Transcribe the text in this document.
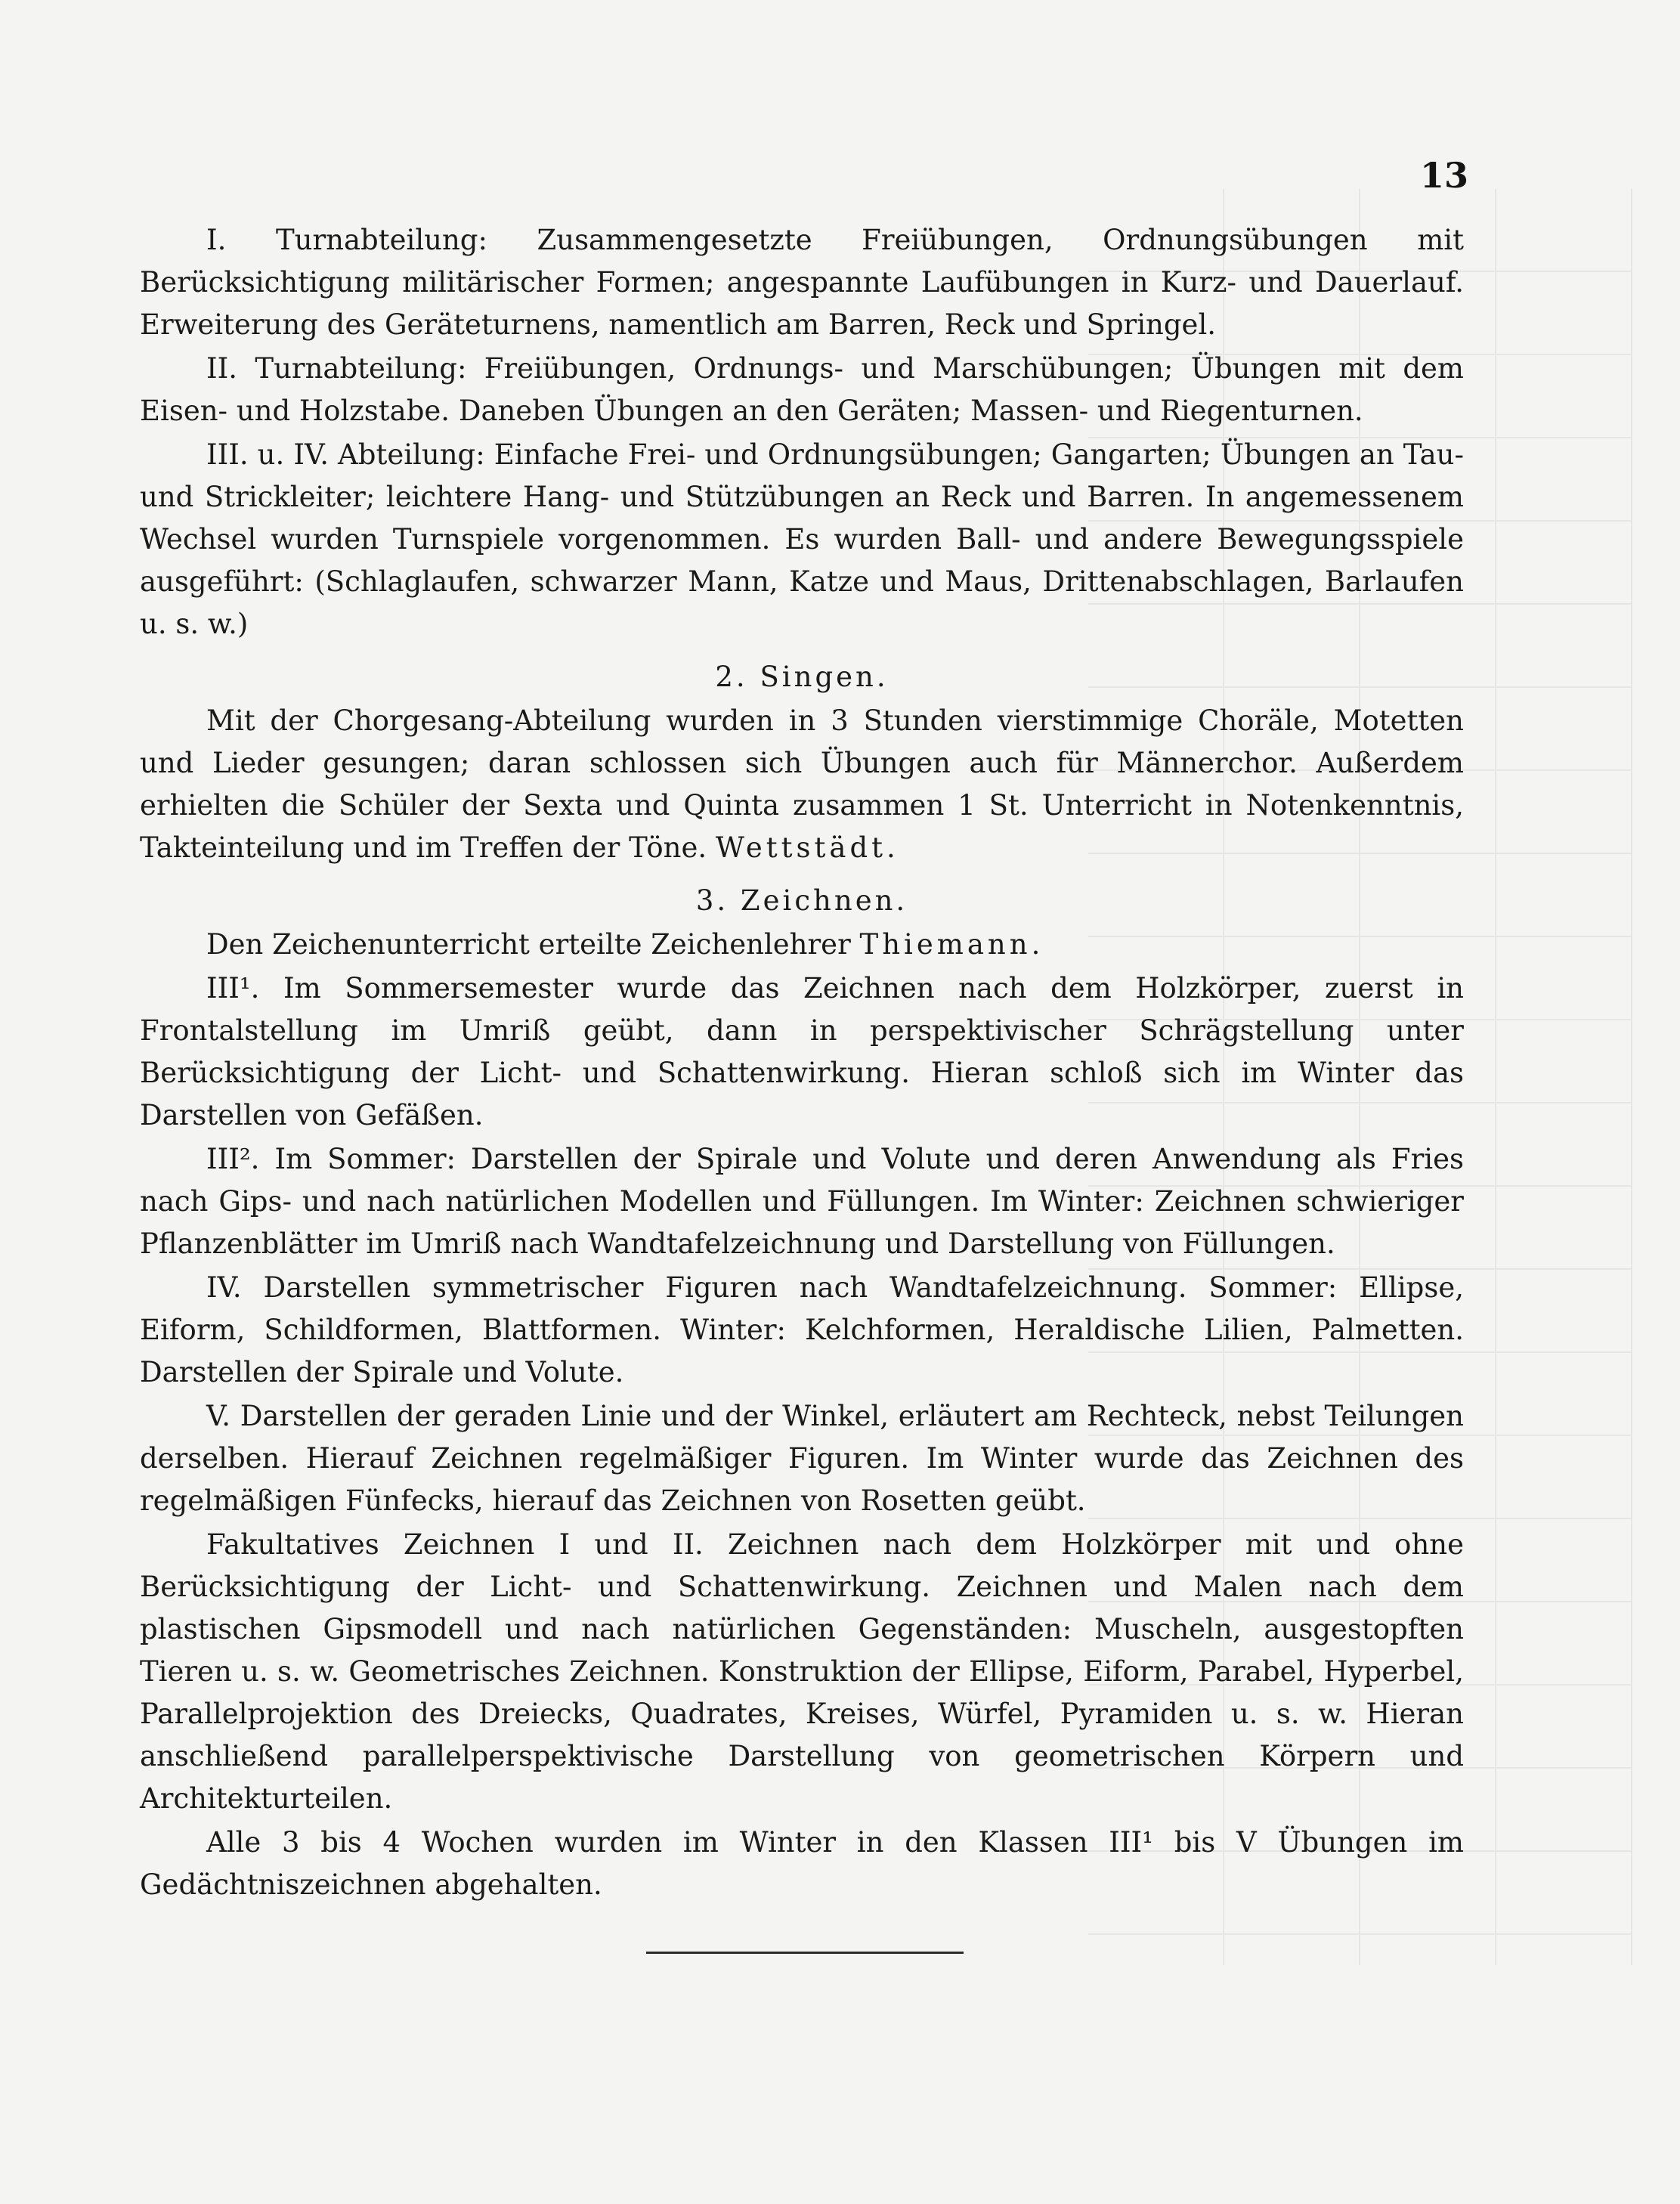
13

I. Turnabteilung: Zusammengesetzte Freiübungen, Ordnungsübungen mit Berücksichtigung militärischer Formen; angespannte Laufübungen in Kurz- und Dauerlauf. Erweiterung des Geräteturnens, namentlich am Barren, Reck und Springel.

II. Turnabteilung: Freiübungen, Ordnungs- und Marschübungen; Übungen mit dem Eisen- und Holzstabe. Daneben Übungen an den Geräten; Massen- und Riegenturnen.

III. u. IV. Abteilung: Einfache Frei- und Ordnungsübungen; Gangarten; Übungen an Tau- und Strickleiter; leichtere Hang- und Stützübungen an Reck und Barren. In angemessenem Wechsel wurden Turnspiele vorgenommen. Es wurden Ball- und andere Bewegungsspiele ausgeführt: (Schlaglaufen, schwarzer Mann, Katze und Maus, Drittenabschlagen, Barlaufen u. s. w.)

2. Singen.

Mit der Chorgesang-Abteilung wurden in 3 Stunden vierstimmige Choräle, Motetten und Lieder gesungen; daran schlossen sich Übungen auch für Männerchor. Außerdem erhielten die Schüler der Sexta und Quinta zusammen 1 St. Unterricht in Notenkenntnis, Takteinteilung und im Treffen der Töne. Wettstädt.

3. Zeichnen.

Den Zeichenunterricht erteilte Zeichenlehrer Thiemann.

III¹. Im Sommersemester wurde das Zeichnen nach dem Holzkörper, zuerst in Frontalstellung im Umriß geübt, dann in perspektivischer Schrägstellung unter Berücksichtigung der Licht- und Schattenwirkung. Hieran schloß sich im Winter das Darstellen von Gefäßen.

III². Im Sommer: Darstellen der Spirale und Volute und deren Anwendung als Fries nach Gips- und nach natürlichen Modellen und Füllungen. Im Winter: Zeichnen schwieriger Pflanzenblätter im Umriß nach Wandtafelzeichnung und Darstellung von Füllungen.

IV. Darstellen symmetrischer Figuren nach Wandtafelzeichnung. Sommer: Ellipse, Eiform, Schildformen, Blattformen. Winter: Kelchformen, Heraldische Lilien, Palmetten. Darstellen der Spirale und Volute.

V. Darstellen der geraden Linie und der Winkel, erläutert am Rechteck, nebst Teilungen derselben. Hierauf Zeichnen regelmäßiger Figuren. Im Winter wurde das Zeichnen des regelmäßigen Fünfecks, hierauf das Zeichnen von Rosetten geübt.

Fakultatives Zeichnen I und II. Zeichnen nach dem Holzkörper mit und ohne Berücksichtigung der Licht- und Schattenwirkung. Zeichnen und Malen nach dem plastischen Gipsmodell und nach natürlichen Gegenständen: Muscheln, ausgestopften Tieren u. s. w. Geometrisches Zeichnen. Konstruktion der Ellipse, Eiform, Parabel, Hyperbel, Parallelprojektion des Dreiecks, Quadrates, Kreises, Würfel, Pyramiden u. s. w. Hieran anschließend parallelperspektivische Darstellung von geometrischen Körpern und Architekturteilen.

Alle 3 bis 4 Wochen wurden im Winter in den Klassen III¹ bis V Übungen im Gedächtniszeichnen abgehalten.
